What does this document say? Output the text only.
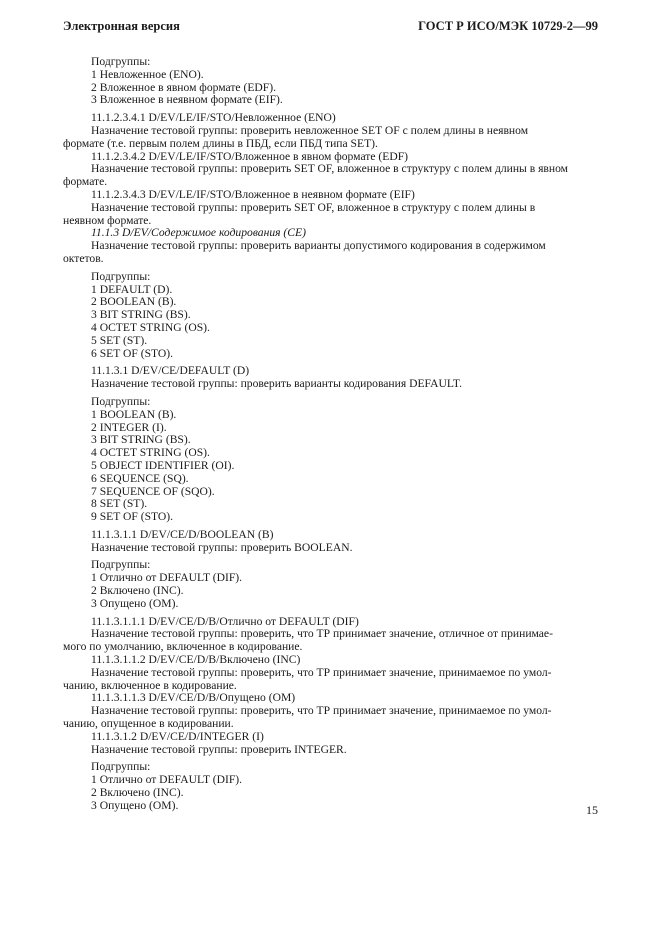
Электронная версия	ГОСТ Р ИСО/МЭК 10729-2—99

Подгруппы:

1 Невложенное (ENO).

2 Вложенное в явном формате (EDF).

3 Вложенное в неявном формате (EIF).

11.1.2.3.4.1 D/EV/LE/IF/STO/Невложенное (ENO)

Назначение тестовой группы: проверить невложенное SET OF с полем длины в неявном

формате (т.е. первым полем длины в ПБД, если ПБД типа SET).

11.1.2.3.4.2 D/EV/LE/IF/STO/Вложенное в явном формате (EDF)

Назначение тестовой группы: проверить SET OF, вложенное в структуру с полем длины в явном

формате.

11.1.2.3.4.3 D/EV/LE/IF/STO/Вложенное в неявном формате (EIF)

Назначение тестовой группы: проверить SET OF, вложенное в структуру с полем длины в

неявном формате.

11.1.3 D/EV/Содержимое кодирования (CE)

Назначение тестовой группы: проверить варианты допустимого кодирования в содержимом

октетов.

Подгруппы:

1 DEFAULT (D).

2 BOOLEAN (B).

3 BIT STRING (BS).

4 OCTET STRING (OS).

5 SET (ST).

6 SET OF (STO).

11.1.3.1 D/EV/CE/DEFAULT (D)

Назначение тестовой группы: проверить варианты кодирования DEFAULT.

Подгруппы:

1 BOOLEAN (B).

2 INTEGER (I).

3 BIT STRING (BS).

4 OCTET STRING (OS).

5 OBJECT IDENTIFIER (OI).

6 SEQUENCE (SQ).

7 SEQUENCE OF (SQO).

8 SET (ST).

9 SET OF (STO).

11.1.3.1.1 D/EV/CE/D/BOOLEAN (B)

Назначение тестовой группы: проверить BOOLEAN.

Подгруппы:

1 Отлично от DEFAULT (DIF).

2 Включено (INC).

3 Опущено (OM).

11.1.3.1.1.1 D/EV/CE/D/B/Отлично от DEFAULT (DIF)

Назначение тестовой группы: проверить, что ТР принимает значение, отличное от принимае-

мого по умолчанию, включенное в кодирование.

11.1.3.1.1.2 D/EV/CE/D/B/Включено (INC)

Назначение тестовой группы: проверить, что ТР принимает значение, принимаемое по умол-

чанию, включенное в кодирование.

11.1.3.1.1.3 D/EV/CE/D/B/Опущено (OM)

Назначение тестовой группы: проверить, что ТР принимает значение, принимаемое по умол-

чанию, опущенное в кодировании.

11.1.3.1.2 D/EV/CE/D/INTEGER (I)

Назначение тестовой группы: проверить INTEGER.

Подгруппы:

1 Отлично от DEFAULT (DIF).

2 Включено (INC).

3 Опущено (OM).	15
